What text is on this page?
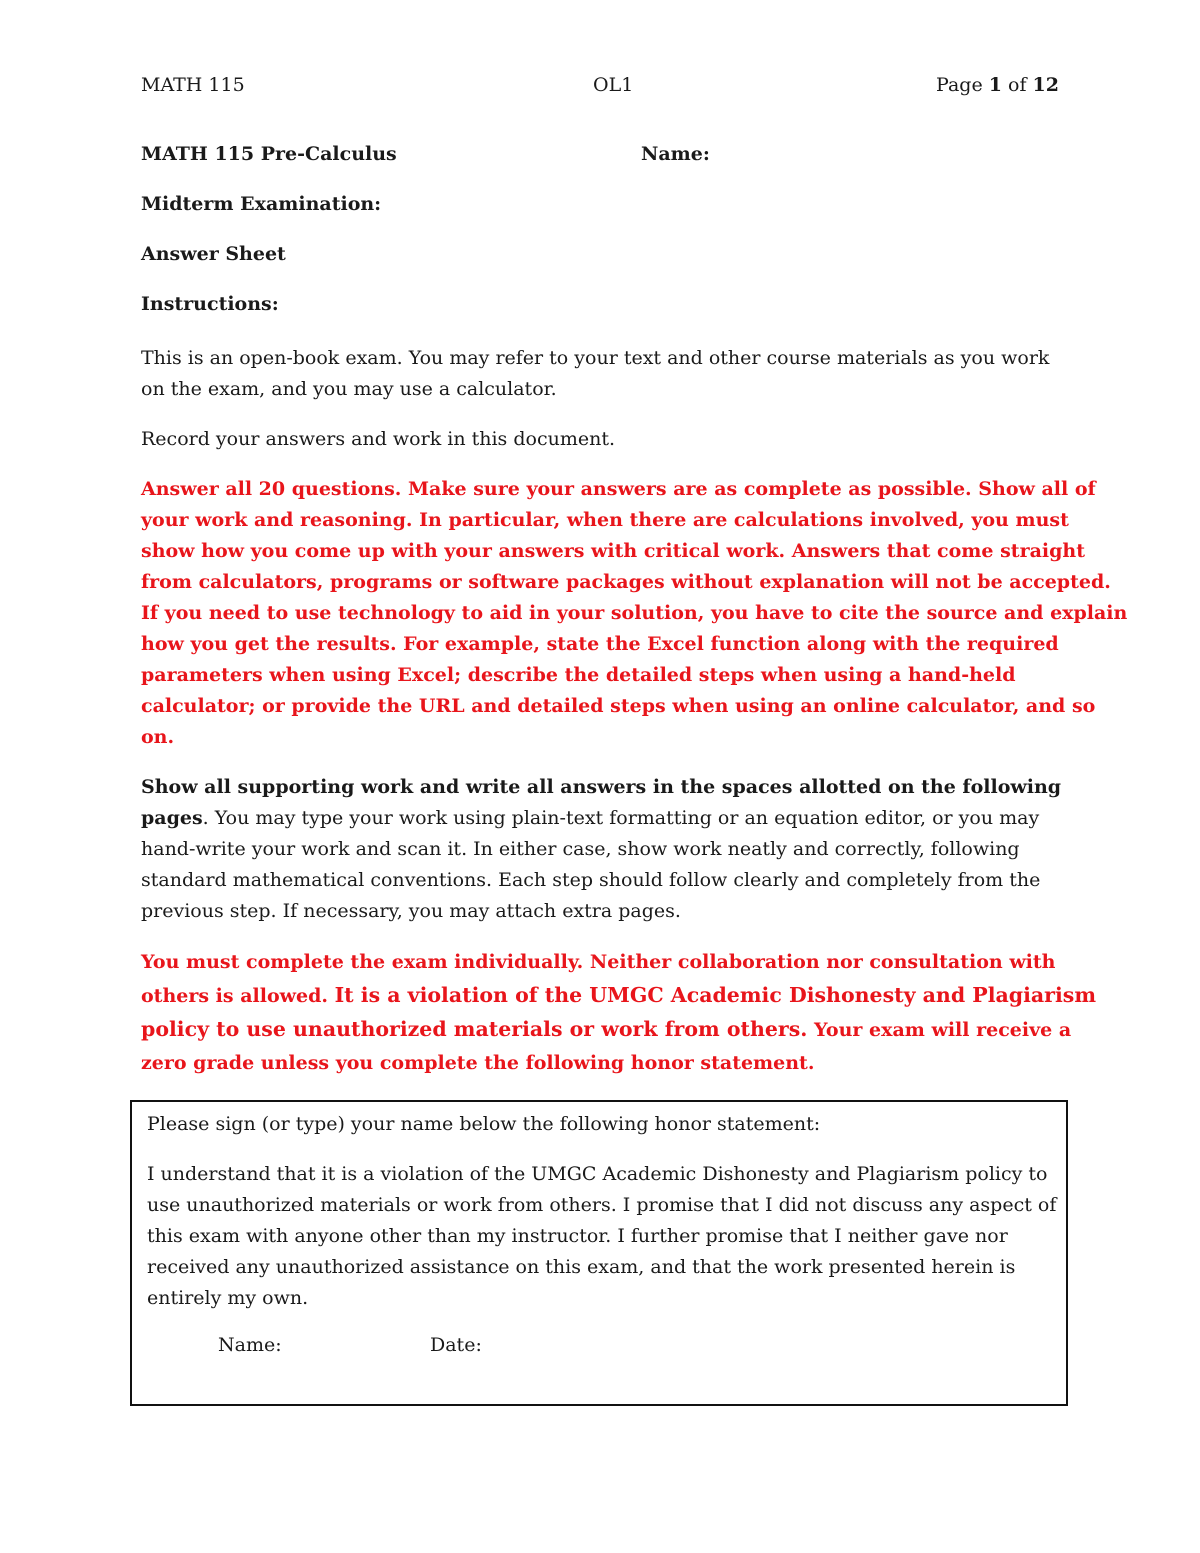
MATH 115	OL1	Page 1 of 12
MATH 115 Pre-Calculus	Name:
Midterm Examination:
Answer Sheet
Instructions:

This is an open-book exam. You may refer to your text and other course materials as you work

on the exam, and you may use a calculator.

Record your answers and work in this document.

Answer all 20 questions. Make sure your answers are as complete as possible. Show all of

your work and reasoning. In particular, when there are calculations involved, you must

show how you come up with your answers with critical work. Answers that come straight

from calculators, programs or software packages without explanation will not be accepted.

If you need to use technology to aid in your solution, you have to cite the source and explain

how you get the results. For example, state the Excel function along with the required

parameters when using Excel; describe the detailed steps when using a hand-held

calculator; or provide the URL and detailed steps when using an online calculator, and so

on.

Show all supporting work and write all answers in the spaces allotted on the following

pages. You may type your work using plain-text formatting or an equation editor, or you may

hand-write your work and scan it. In either case, show work neatly and correctly, following

standard mathematical conventions. Each step should follow clearly and completely from the

previous step. If necessary, you may attach extra pages.

You must complete the exam individually. Neither collaboration nor consultation with

others is allowed. It is a violation of the UMGC Academic Dishonesty and Plagiarism

policy to use unauthorized materials or work from others. Your exam will receive a

zero grade unless you complete the following honor statement.

Please sign (or type) your name below the following honor statement:

I understand that it is a violation of the UMGC Academic Dishonesty and Plagiarism policy to

use unauthorized materials or work from others. I promise that I did not discuss any aspect of

this exam with anyone other than my instructor. I further promise that I neither gave nor

received any unauthorized assistance on this exam, and that the work presented herein is

entirely my own.

Name:	Date:
